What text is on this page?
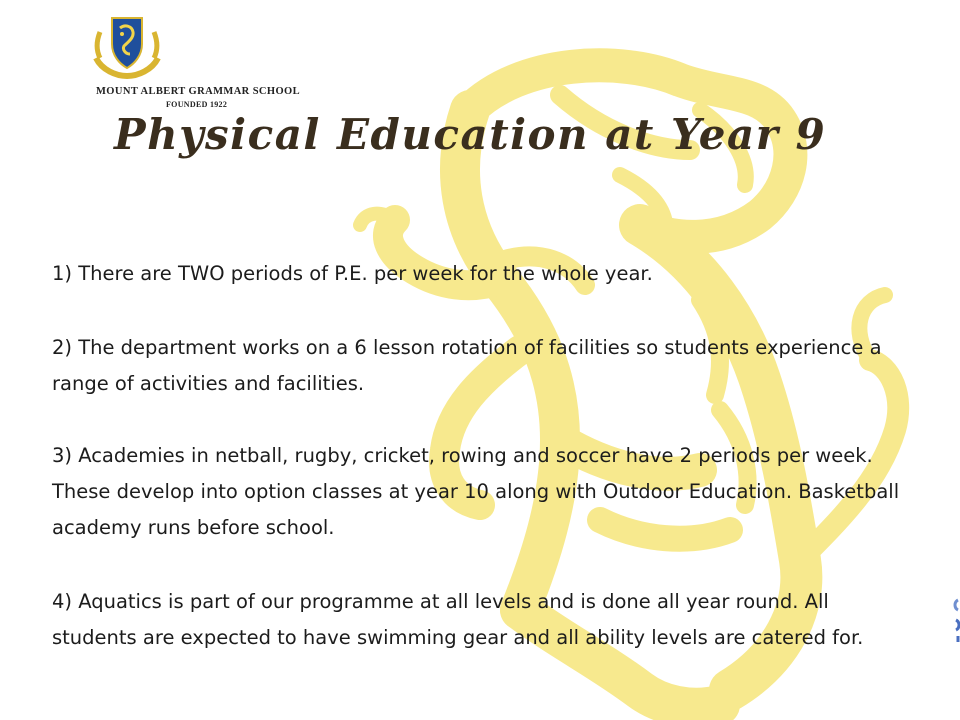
MOUNT ALBERT GRAMMAR SCHOOL
FOUNDED 1922
Physical Education at Year 9

1) There are TWO periods of P.E. per week for the whole year.

2) The department works on a 6 lesson rotation of facilities so students experience a range of activities and facilities.

3) Academies in netball, rugby, cricket, rowing and soccer have 2 periods per week. These develop into option classes at year 10 along with Outdoor Education. Basketball academy runs before school.

4) Aquatics is part of our programme at all levels and is done all year round. All students are expected to have swimming gear and all ability levels are catered for.
